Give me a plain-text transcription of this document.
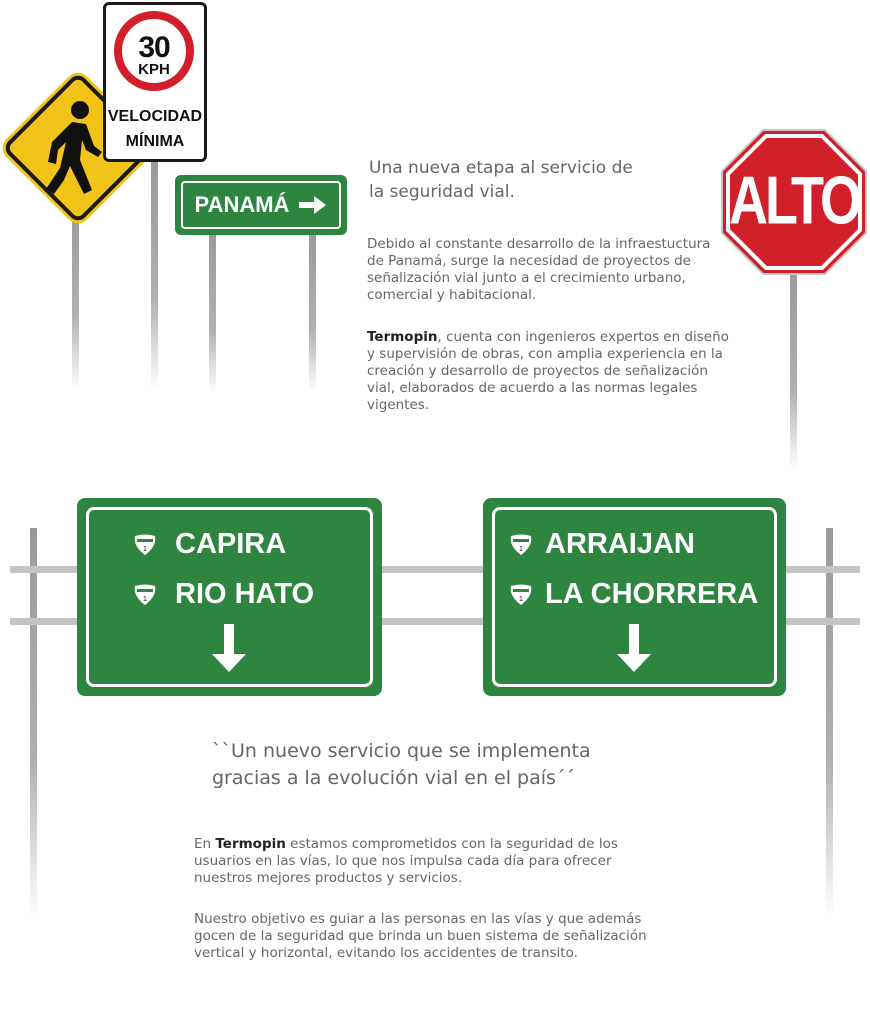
30
KPH
VELOCIDAD
MÍNIMA
PANAMÁ	ALTO
Una nueva etapa al servicio de
la seguridad vial.

Debido al constante desarrollo de la infraestuctura de Panamá, surge la necesidad de proyectos de señalización vial junto a el crecimiento urbano, comercial y habitacional.

Termopin, cuenta con ingenieros expertos en diseño y supervisión de obras, con amplia experiencia en la creación y desarrollo de proyectos de señalización vial, elaborados de acuerdo a las normas legales vigentes.

1 CAPIRA
1 RIO HATO
1 ARRAIJAN
1 LA CHORRERA

``Un nuevo servicio que se implementa
gracias a la evolución vial en el país´´

En Termopin estamos comprometidos con la seguridad de los usuarios en las vías, lo que nos impulsa cada día para ofrecer nuestros mejores productos y servicios.

Nuestro objetivo es guiar a las personas en las vías y que además gocen de la seguridad que brinda un buen sistema de señalización vertical y horizontal, evitando los accidentes de transito.
